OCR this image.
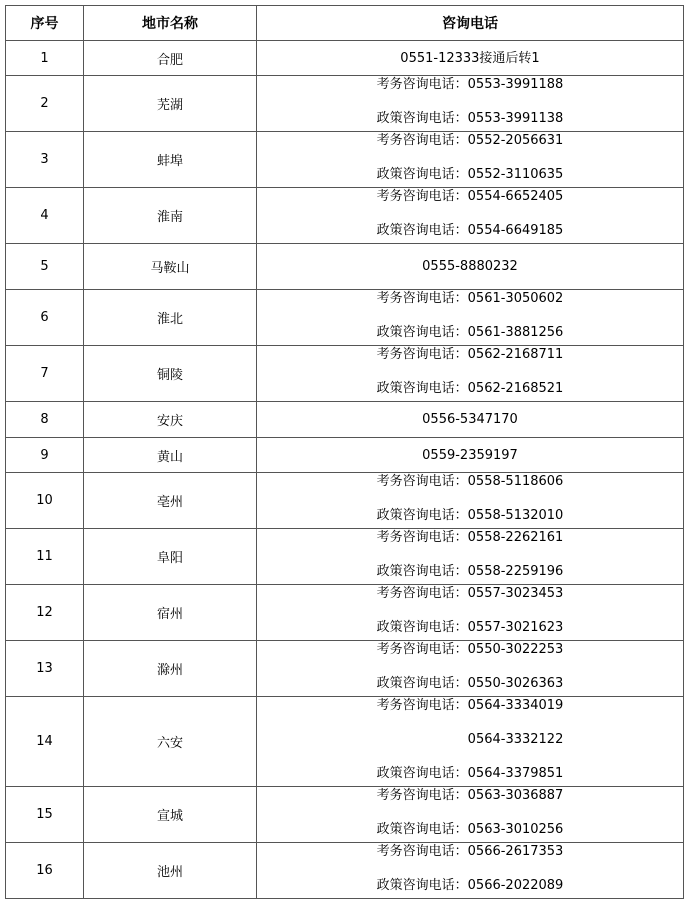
序号	地市名称	咨询电话
1	合肥	0551-12333接通后转1

2	芜湖	考务咨询电话：0553-3991188
政策咨询电话：0553-3991138

3	蚌埠	考务咨询电话：0552-2056631
政策咨询电话：0552-3110635

4	淮南	考务咨询电话：0554-6652405
政策咨询电话：0554-6649185

5	马鞍山	0555-8880232

6	淮北	考务咨询电话：0561-3050602
政策咨询电话：0561-3881256

7	铜陵	考务咨询电话：0562-2168711
政策咨询电话：0562-2168521

8	安庆	0556-5347170

9	黄山	0559-2359197

10	亳州	考务咨询电话：0558-5118606
政策咨询电话：0558-5132010

11	阜阳	考务咨询电话：0558-2262161
政策咨询电话：0558-2259196

12	宿州	考务咨询电话：0557-3023453
政策咨询电话：0557-3021623

13	滁州	考务咨询电话：0550-3022253
政策咨询电话：0550-3026363

14	六安	考务咨询电话：0564-3334019
0564-3332122
政策咨询电话：0564-3379851

15	宣城	考务咨询电话：0563-3036887
政策咨询电话：0563-3010256

16	池州	考务咨询电话：0566-2617353
政策咨询电话：0566-2022089
